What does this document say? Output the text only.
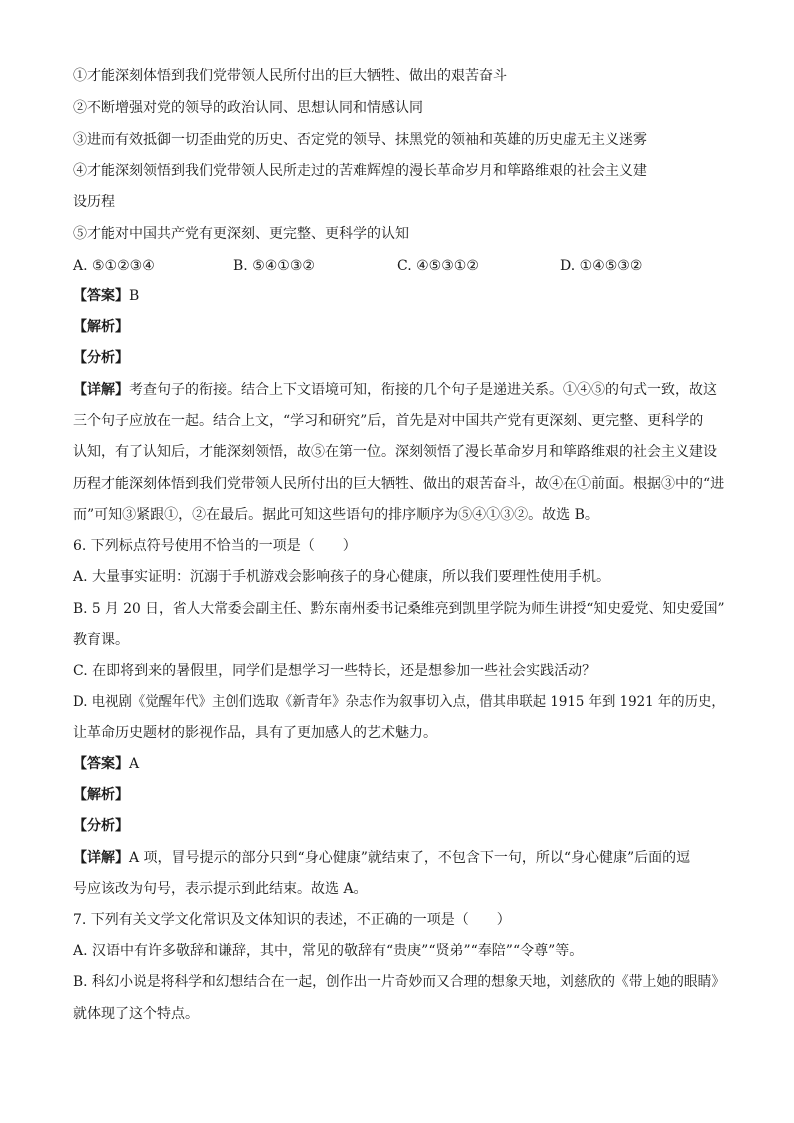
①才能深刻体悟到我们党带领人民所付出的巨大牺牲、做出的艰苦奋斗
②不断增强对党的领导的政治认同、思想认同和情感认同
③进而有效抵御一切歪曲党的历史、否定党的领导、抹黑党的领袖和英雄的历史虚无主义迷雾
④才能深刻领悟到我们党带领人民所走过的苦难辉煌的漫长革命岁月和筚路维艰的社会主义建
设历程
⑤才能对中国共产党有更深刻、更完整、更科学的认知
A. ⑤①②③④	B. ⑤④①③②	C. ④⑤③①②	D. ①④⑤③②
【答案】B
【解析】
【分析】
【详解】考查句子的衔接。结合上下文语境可知，衔接的几个句子是递进关系。①④⑤的句式一致，故这
三个句子应放在一起。结合上文，“学习和研究”后，首先是对中国共产党有更深刻、更完整、更科学的
认知，有了认知后，才能深刻领悟，故⑤在第一位。深刻领悟了漫长革命岁月和筚路维艰的社会主义建设
历程才能深刻体悟到我们党带领人民所付出的巨大牺牲、做出的艰苦奋斗，故④在①前面。根据③中的“进
而”可知③紧跟①，②在最后。据此可知这些语句的排序顺序为⑤④①③②。故选 B。
6. 下列标点符号使用不恰当的一项是（　　）
A. 大量事实证明：沉溺于手机游戏会影响孩子的身心健康，所以我们要理性使用手机。
B. 5 月 20 日，省人大常委会副主任、黔东南州委书记桑维亮到凯里学院为师生讲授“知史爱党、知史爱国”
教育课。
C. 在即将到来的暑假里，同学们是想学习一些特长，还是想参加一些社会实践活动？
D. 电视剧《觉醒年代》主创们选取《新青年》杂志作为叙事切入点，借其串联起 1915 年到 1921 年的历史，
让革命历史题材的影视作品，具有了更加感人的艺术魅力。
【答案】A
【解析】
【分析】
【详解】A 项，冒号提示的部分只到“身心健康”就结束了，不包含下一句，所以“身心健康”后面的逗
号应该改为句号，表示提示到此结束。故选 A。
7. 下列有关文学文化常识及文体知识的表述，不正确的一项是（　　）
A. 汉语中有许多敬辞和谦辞，其中，常见的敬辞有“贵庚”“贤弟”“奉陪”“令尊”等。
B. 科幻小说是将科学和幻想结合在一起，创作出一片奇妙而又合理的想象天地，刘慈欣的《带上她的眼睛》
就体现了这个特点。
